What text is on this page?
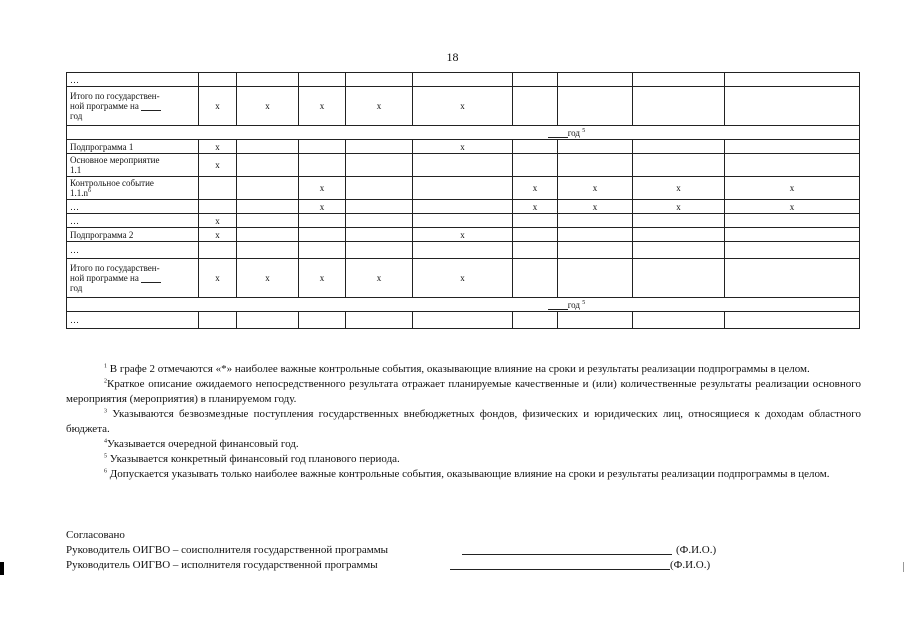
18
…									
Итого по государствен-
ной программе на
год	х	х	х	х	х				
год $^5$
Подпрограмма 1	х				х				
Основное мероприятие
1.1	х								
Контрольное событие
$1.1.n^6$			х			х	х	х	х
…			х			х	х	х	х
…	х								
Подпрограмма 2	х				х				
…									
Итого по государствен-
ной программе на
год	х	х	х	х	х				
год $^5$
…									

$^1$ В графе 2 отмечаются «*» наиболее важные контрольные события, оказывающие влияние на сроки и результаты реализации подпрограммы в целом.

$^2$Краткое описание ожидаемого непосредственного результата отражает планируемые качественные и (или) количественные результаты реализации основного мероприятия (мероприятия) в планируемом году.

$^3$ Указываются безвозмездные поступления государственных внебюджетных фондов, физических и юридических лиц, относящиеся к доходам областного бюджета.

$^4$Указывается очередной финансовый год.

$^5$ Указывается конкретный финансовый год планового периода.

$^6$ Допускается указывать только наиболее важные контрольные события, оказывающие влияние на сроки и результаты реализации подпрограммы в целом.

Согласовано
Руководитель ОИГВО – соисполнителя государственной программы	(Ф.И.О.)
Руководитель ОИГВО – исполнителя государственной программы	(Ф.И.О.)
